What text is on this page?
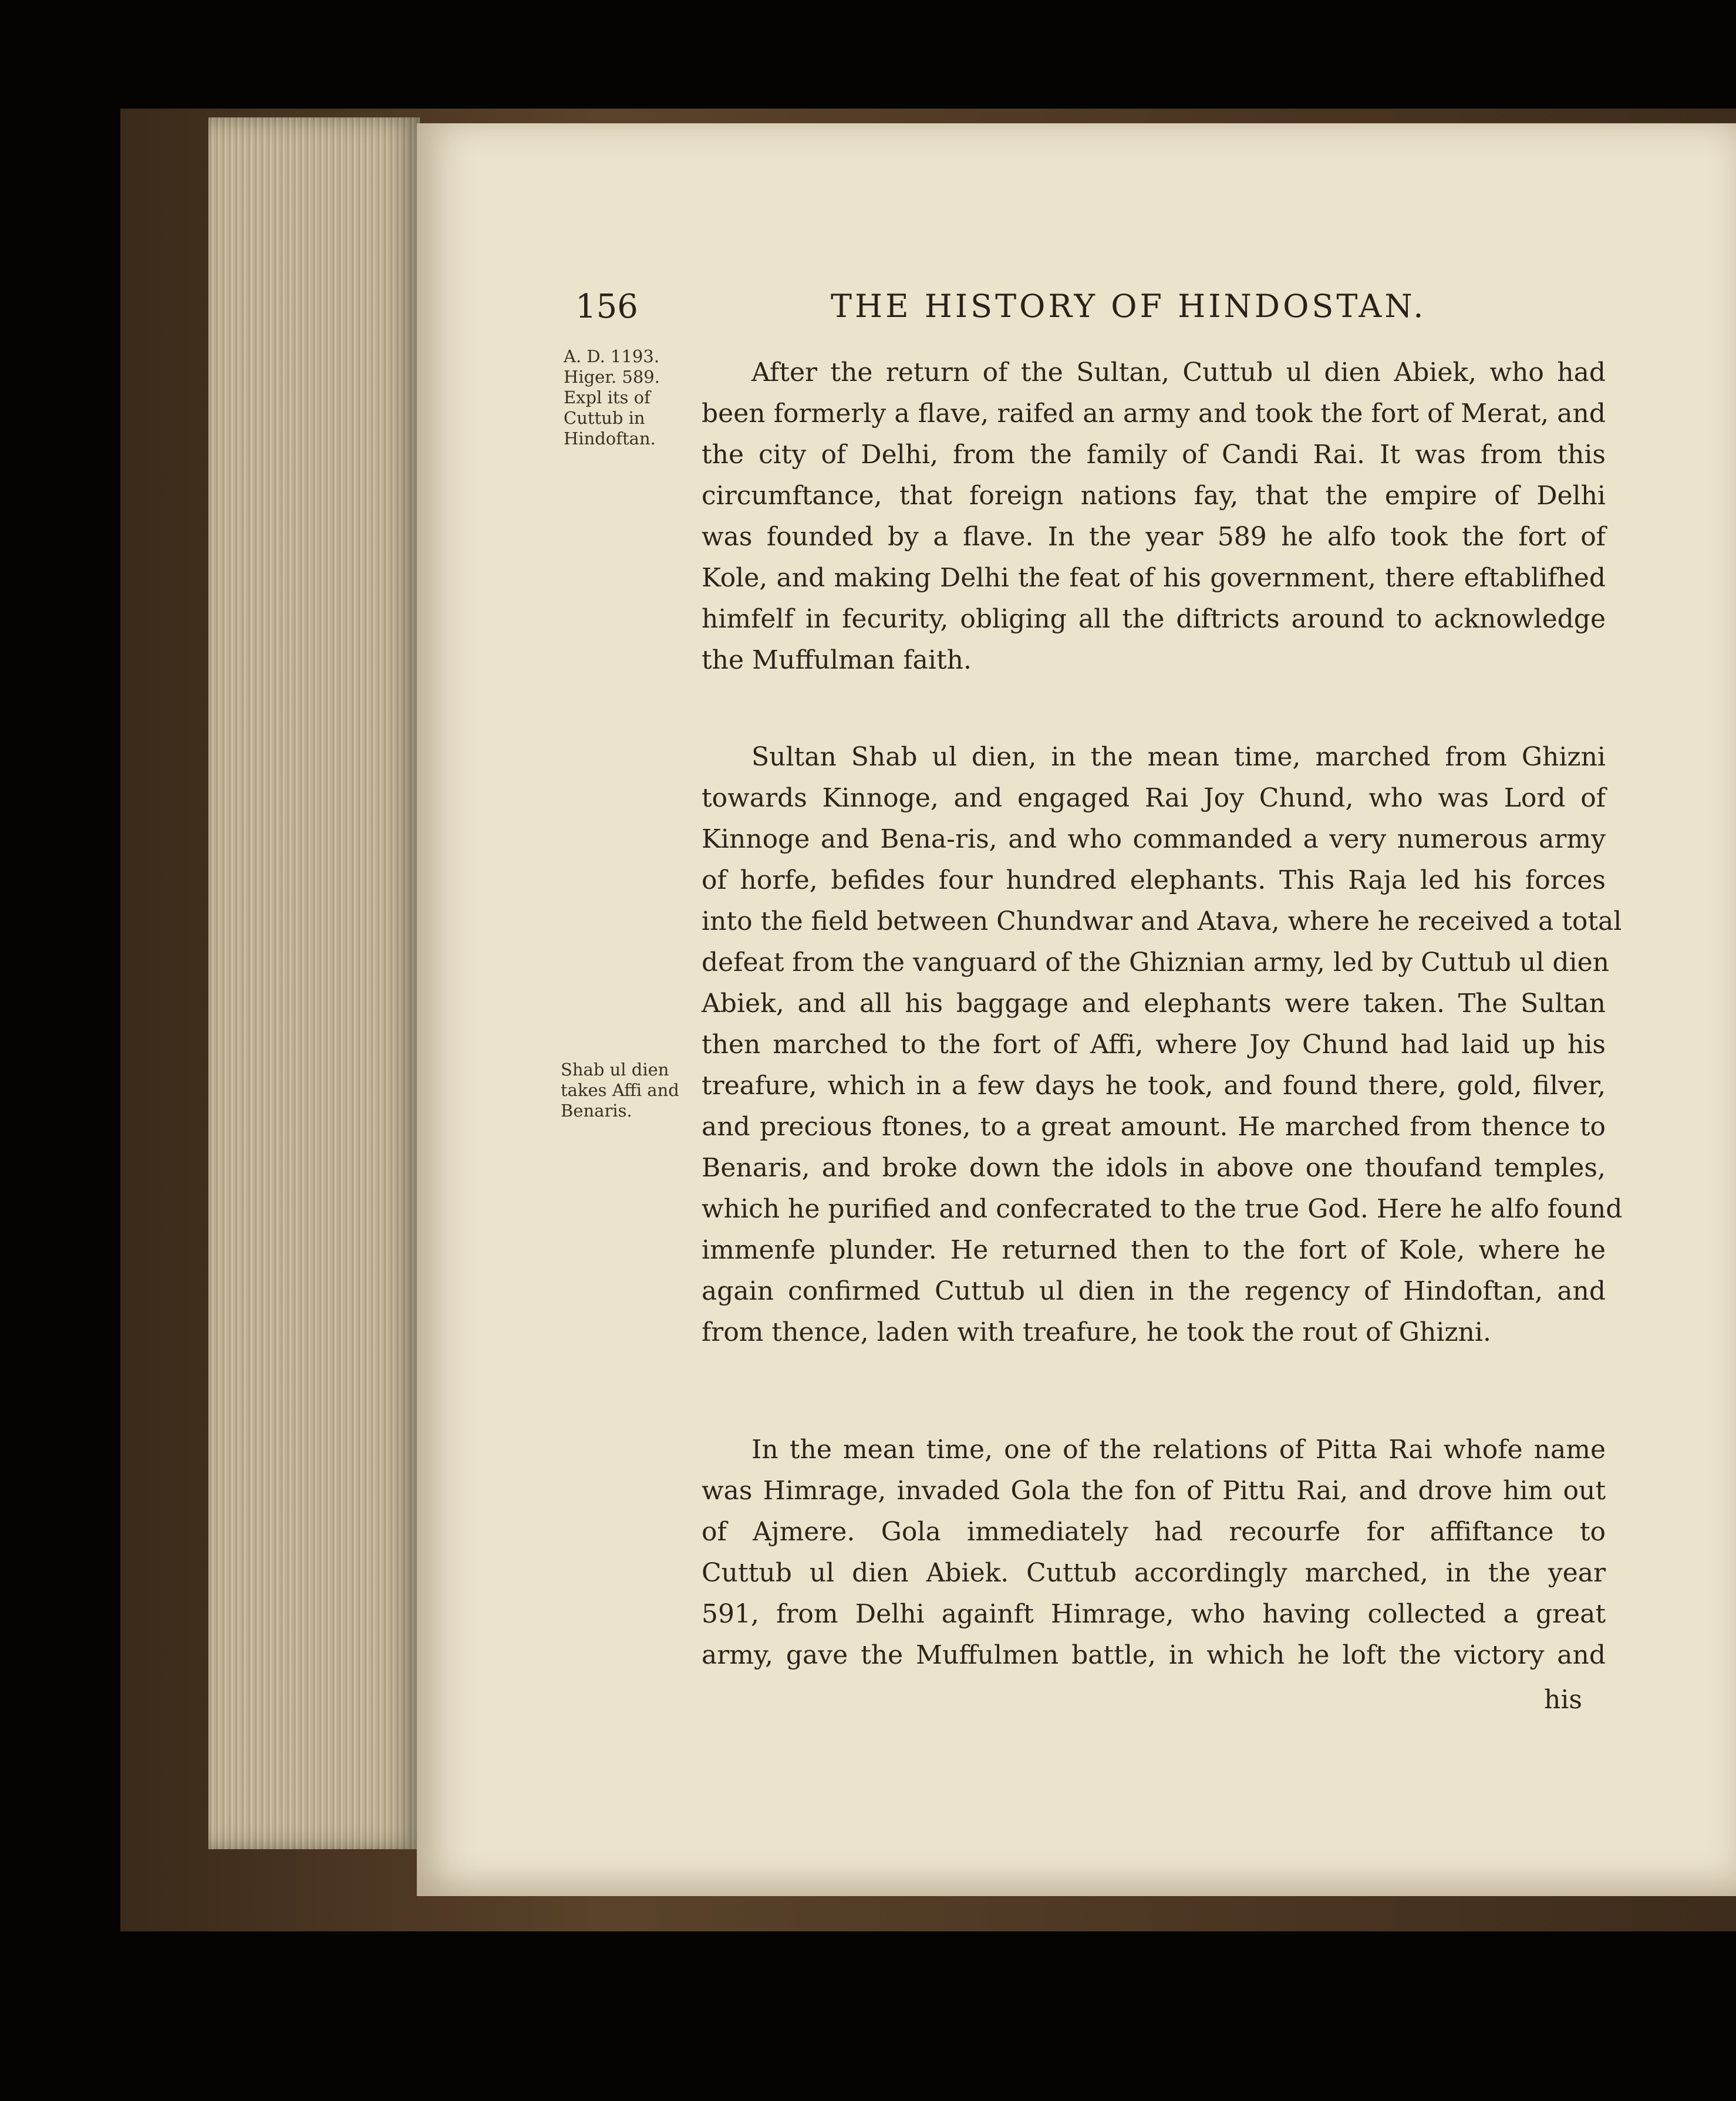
156	THE HISTORY OF HINDOSTAN.
A. D. 1193.
Higer. 589.
Expl its of
Cuttub in
Hindoftan.
Shab ul dien
takes Affi and
Benaris.
After the return of the Sultan, Cuttub ul dien Abiek, who had
been formerly a flave, raifed an army and took the fort of Merat, and
the city of Delhi, from the family of Candi Rai. It was from this
circumftance, that foreign nations fay, that the empire of Delhi
was founded by a flave. In the year 589 he alfo took the fort of
Kole, and making Delhi the feat of his government, there eftablifhed
himfelf in fecurity, obliging all the diftricts around to acknowledge
the Muffulman faith.
Sultan Shab ul dien, in the mean time, marched from Ghizni
towards Kinnoge, and engaged Rai Joy Chund, who was Lord of
Kinnoge and Bena-ris, and who commanded a very numerous army
of horfe, befides four hundred elephants. This Raja led his forces
into the field between Chundwar and Atava, where he received a total
defeat from the vanguard of the Ghiznian army, led by Cuttub ul dien
Abiek, and all his baggage and elephants were taken. The Sultan
then marched to the fort of Affi, where Joy Chund had laid up his
treafure, which in a few days he took, and found there, gold, filver,
and precious ftones, to a great amount. He marched from thence to
Benaris, and broke down the idols in above one thoufand temples,
which he purified and confecrated to the true God. Here he alfo found
immenfe plunder. He returned then to the fort of Kole, where he
again confirmed Cuttub ul dien in the regency of Hindoftan, and
from thence, laden with treafure, he took the rout of Ghizni.
In the mean time, one of the relations of Pitta Rai whofe name
was Himrage, invaded Gola the fon of Pittu Rai, and drove him out
of Ajmere. Gola immediately had recourfe for affiftance to
Cuttub ul dien Abiek. Cuttub accordingly marched, in the year
591, from Delhi againft Himrage, who having collected a great
army, gave the Muffulmen battle, in which he loft the victory and
his
